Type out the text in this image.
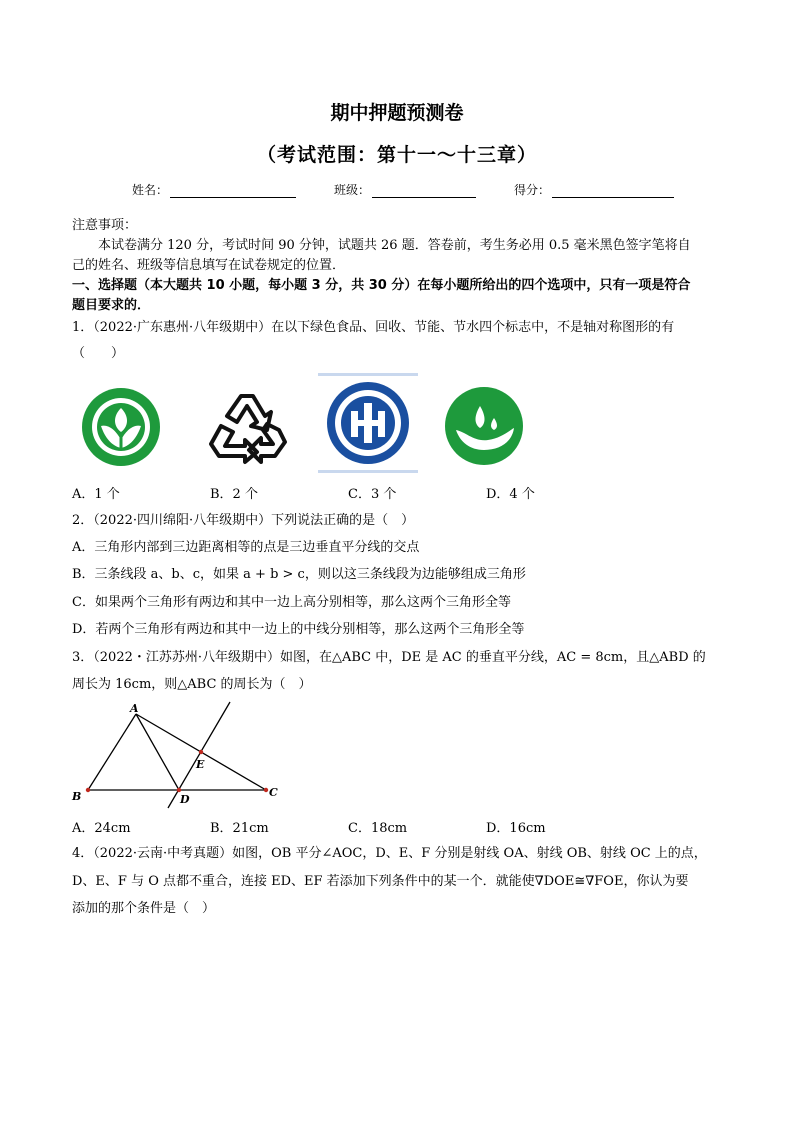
期中押题预测卷
（考试范围：第十一～十三章）
姓名：	班级：	得分：
注意事项：
本试卷满分 120 分，考试时间 90 分钟，试题共 26 题．答卷前，考生务必用 0.5 毫米黑色签字笔将自
己的姓名、班级等信息填写在试卷规定的位置．
一、选择题（本大题共 10 小题，每小题 3 分，共 30 分）在每小题所给出的四个选项中，只有一项是符合
题目要求的．
1．（2022·广东惠州·八年级期中）在以下绿色食品、回收、节能、节水四个标志中，不是轴对称图形的有
（　　）
A．1 个	B．2 个	C．3 个	D．4 个
2．（2022·四川绵阳·八年级期中）下列说法正确的是（　）
A．三角形内部到三边距离相等的点是三边垂直平分线的交点
B．三条线段 a、b、c，如果 a + b > c，则以这三条线段为边能够组成三角形
C．如果两个三角形有两边和其中一边上高分别相等，那么这两个三角形全等
D．若两个三角形有两边和其中一边上的中线分别相等，那么这两个三角形全等
3．（2022・江苏苏州·八年级期中）如图，在△ABC 中，DE 是 AC 的垂直平分线，AC = 8cm，且△ABD 的
周长为 16cm，则△ABC 的周长为（　）
A
B	C
D
E
A．24cm	B．21cm	C．18cm	D．16cm
4．（2022·云南·中考真题）如图，OB 平分∠AOC，D、E、F 分别是射线 OA、射线 OB、射线 OC 上的点，
D、E、F 与 O 点都不重合，连接 ED、EF 若添加下列条件中的某一个．就能使∇DOE≅∇FOE，你认为要
添加的那个条件是（　）
